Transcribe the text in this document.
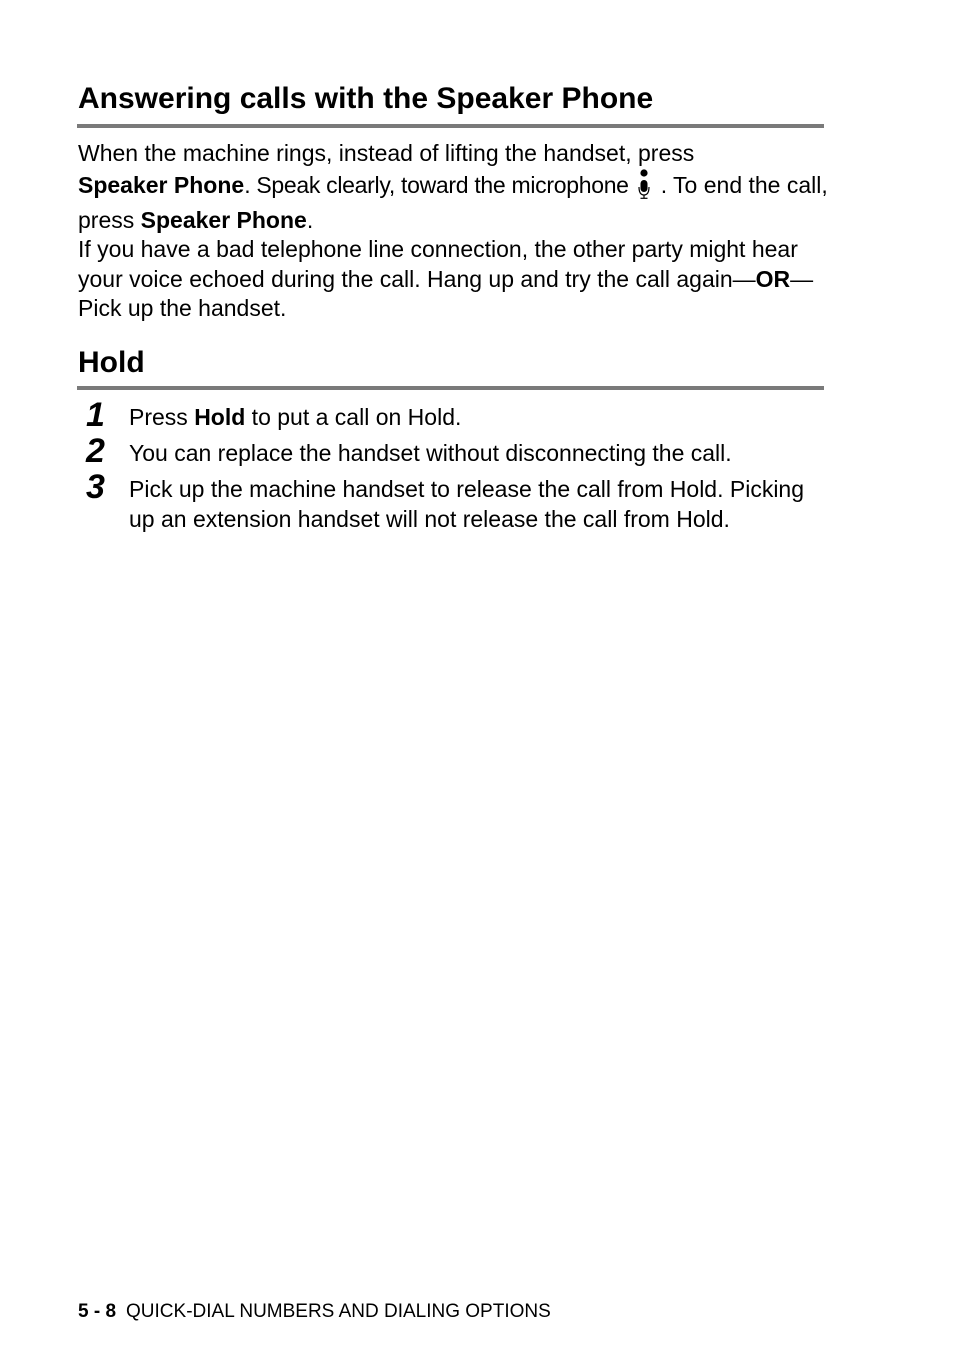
Answering calls with the Speaker Phone

When the machine rings, instead of lifting the handset, press
Speaker Phone. Speak clearly, toward the microphone . To end the call, press Speaker Phone.

If you have a bad telephone line connection, the other party might hear your voice echoed during the call. Hang up and try the call again—OR—Pick up the handset.

Hold
1 Press Hold to put a call on Hold.
2 You can replace the handset without disconnecting the call.
3 Pick up the machine handset to release the call from Hold. Picking up an extension handset will not release the call from Hold.
5 - 8 QUICK-DIAL NUMBERS AND DIALING OPTIONS
